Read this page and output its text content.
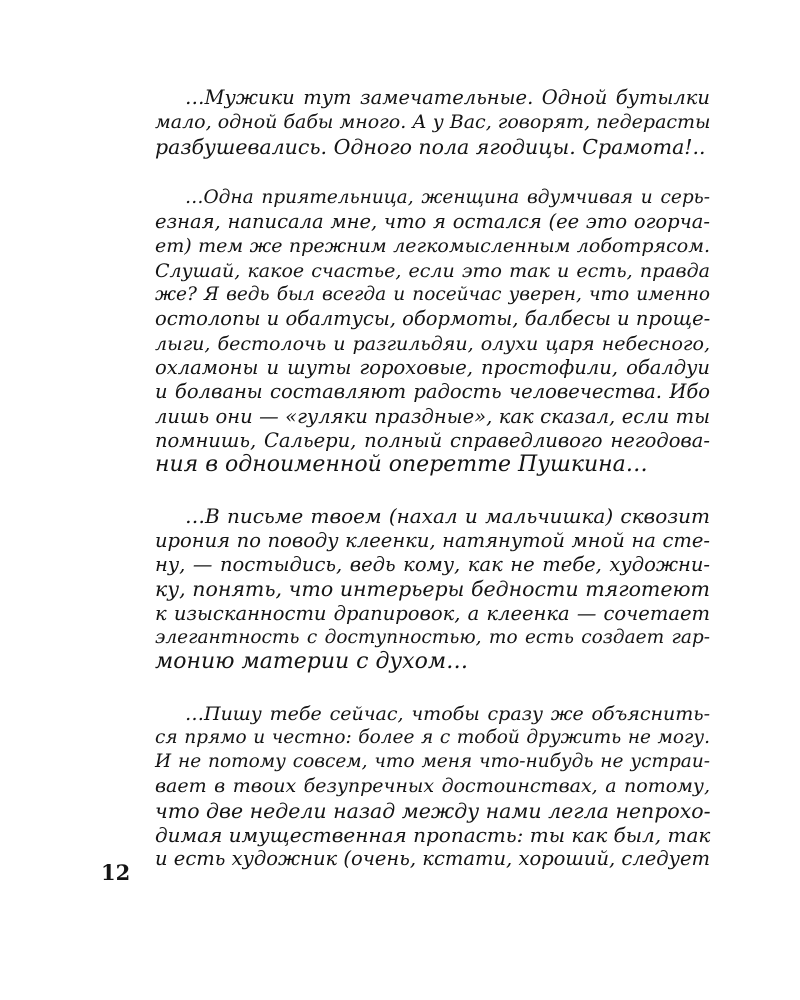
…Мужики тут замечательные. Одной бутылки
мало, одной бабы много. А у Вас, говорят, педерасты
разбушевались. Одного пола ягодицы. Срамота!..

…Одна приятельница, женщина вдумчивая и серь-
езная, написала мне, что я остался (ее это огорча-
ет) тем же прежним легкомысленным лоботрясом.
Слушай, какое счастье, если это так и есть, правда
же? Я ведь был всегда и посейчас уверен, что именно
остолопы и обалтусы, обормоты, балбесы и проще-
лыги, бестолочь и разгильдяи, олухи царя небесного,
охламоны и шуты гороховые, простофили, обалдуи
и болваны составляют радость человечества. Ибо
лишь они — «гуляки праздные», как сказал, если ты
помнишь, Сальери, полный справедливого негодова-
ния в одноименной оперетте Пушкина…

…В письме твоем (нахал и мальчишка) сквозит
ирония по поводу клеенки, натянутой мной на сте-
ну, — постыдись, ведь кому, как не тебе, художни-
ку, понять, что интерьеры бедности тяготеют
к изысканности драпировок, а клеенка — сочетает
элегантность с доступностью, то есть создает гар-
монию материи с духом…

…Пишу тебе сейчас, чтобы сразу же объяснить-
ся прямо и честно: более я с тобой дружить не могу.
И не потому совсем, что меня что-нибудь не устраи-
вает в твоих безупречных достоинствах, а потому,
что две недели назад между нами легла непрохо-
димая имущественная пропасть: ты как был, так
и есть художник (очень, кстати, хороший, следует

12
